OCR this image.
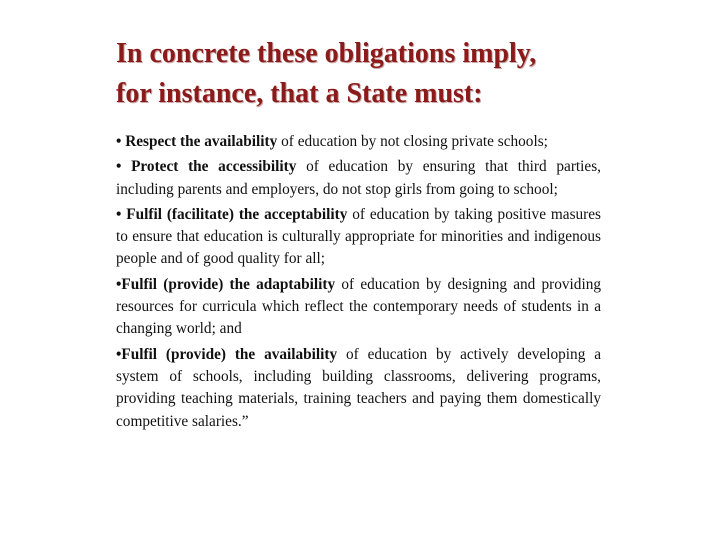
In concrete these obligations imply,
for instance, that a State must:
• Respect the availability of education by not closing private schools;
• Protect the accessibility of education by ensuring that third parties, including parents and employers, do not stop girls from going to school;
• Fulfil (facilitate) the acceptability of education by taking positive masures to ensure that education is culturally appropriate for minorities and indigenous people and of good quality for all;
•Fulfil (provide) the adaptability of education by designing and providing resources for curricula which reflect the contemporary needs of students in a changing world; and
•Fulfil (provide) the availability of education by actively developing a system of schools, including building classrooms, delivering programs, providing teaching materials, training teachers and paying them domestically competitive salaries.”
